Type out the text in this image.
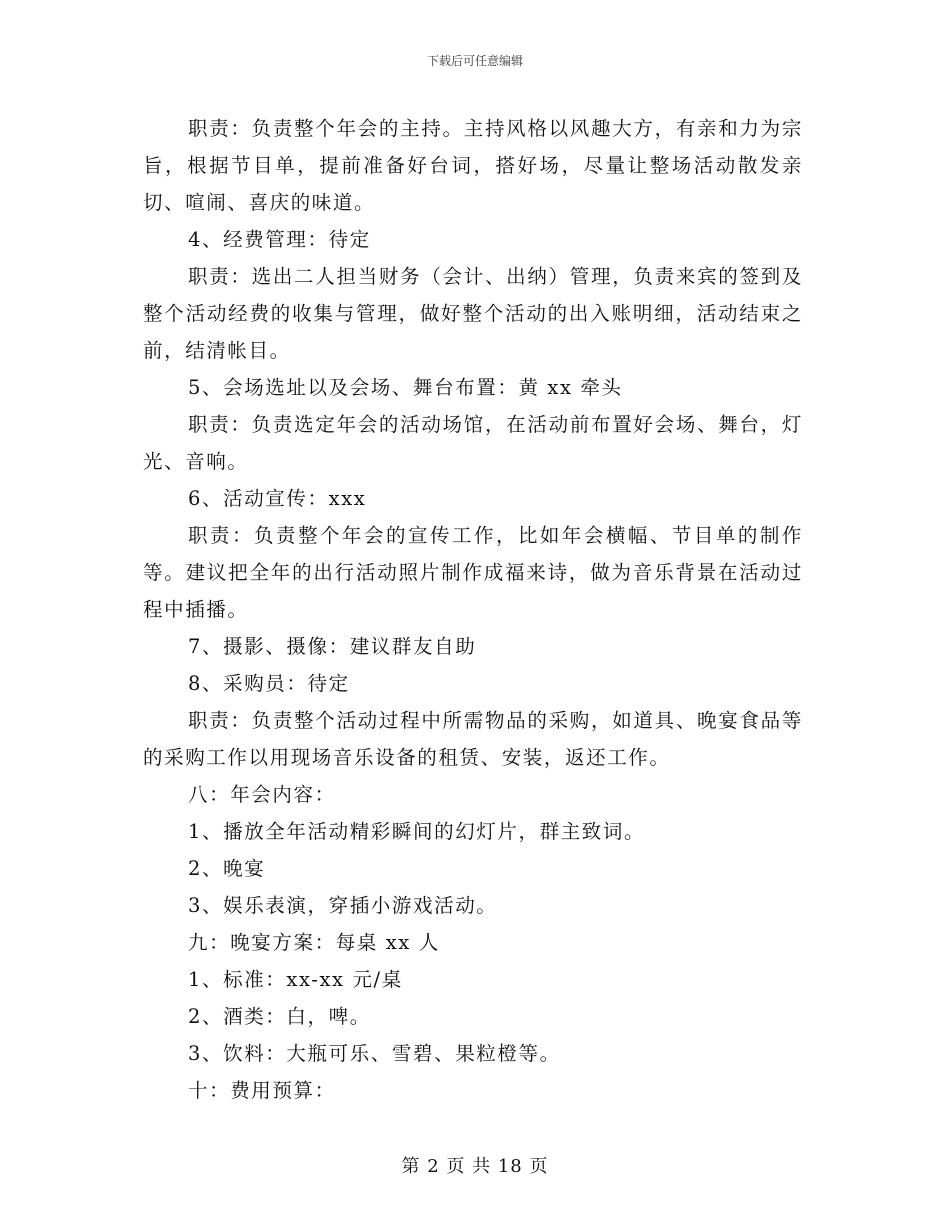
下载后可任意编辑

职责：负责整个年会的主持。主持风格以风趣大方，有亲和力为宗旨，根据节目单，提前准备好台词，搭好场，尽量让整场活动散发亲切、喧闹、喜庆的味道。

4、经费管理：待定

职责：选出二人担当财务（会计、出纳）管理，负责来宾的签到及整个活动经费的收集与管理，做好整个活动的出入账明细，活动结束之前，结清帐目。

5、会场选址以及会场、舞台布置：黄 xx 牵头

职责：负责选定年会的活动场馆，在活动前布置好会场、舞台，灯光、音响。

6、活动宣传：xxx

职责：负责整个年会的宣传工作，比如年会横幅、节目单的制作等。建议把全年的出行活动照片制作成福来诗，做为音乐背景在活动过程中插播。

7、摄影、摄像：建议群友自助

8、采购员：待定

职责：负责整个活动过程中所需物品的采购，如道具、晚宴食品等的采购工作以用现场音乐设备的租赁、安装，返还工作。

八：年会内容：

1、播放全年活动精彩瞬间的幻灯片，群主致词。

2、晚宴

3、娱乐表演，穿插小游戏活动。

九：晚宴方案：每桌 xx 人

1、标准：xx-xx 元/桌

2、酒类：白，啤。

3、饮料：大瓶可乐、雪碧、果粒橙等。

十：费用预算：

第 2 页 共 18 页
